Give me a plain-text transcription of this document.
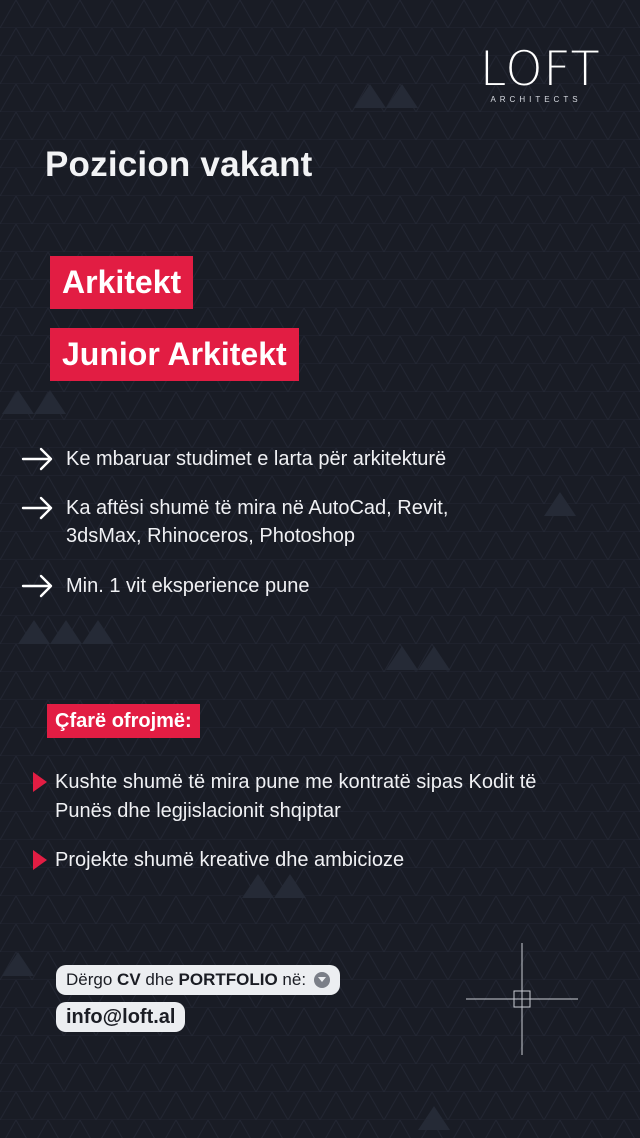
LOFT
ARCHITECTS
Pozicion vakant
Arkitekt
Junior Arkitekt
Ke mbaruar studimet e larta për arkitekturë
Ka aftësi shumë të mira në AutoCad, Revit, 3dsMax, Rhinoceros, Photoshop
Min. 1 vit eksperience pune
Çfarë ofrojmë:
Kushte shumë të mira pune me kontratë sipas Kodit të Punës dhe legjislacionit shqiptar
Projekte shumë kreative dhe ambicioze
Dërgo
CV
dhe
PORTFOLIO
në:
info@loft.al
